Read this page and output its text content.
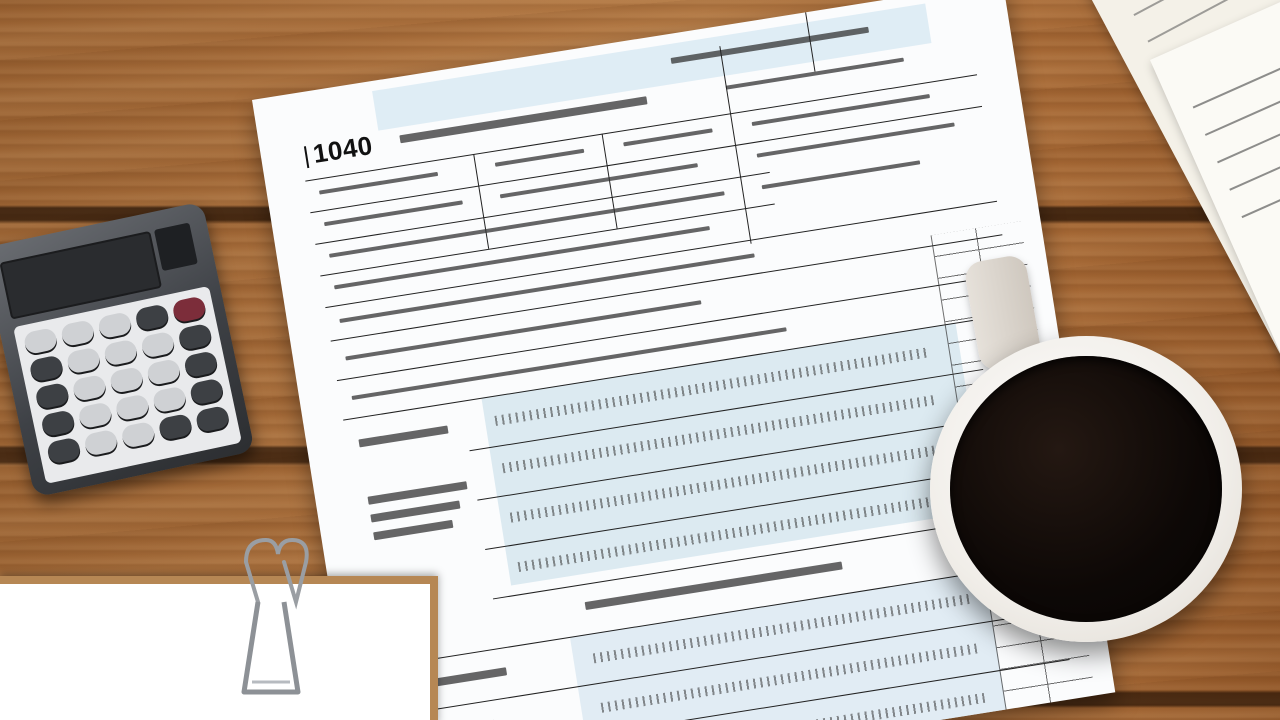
1040
